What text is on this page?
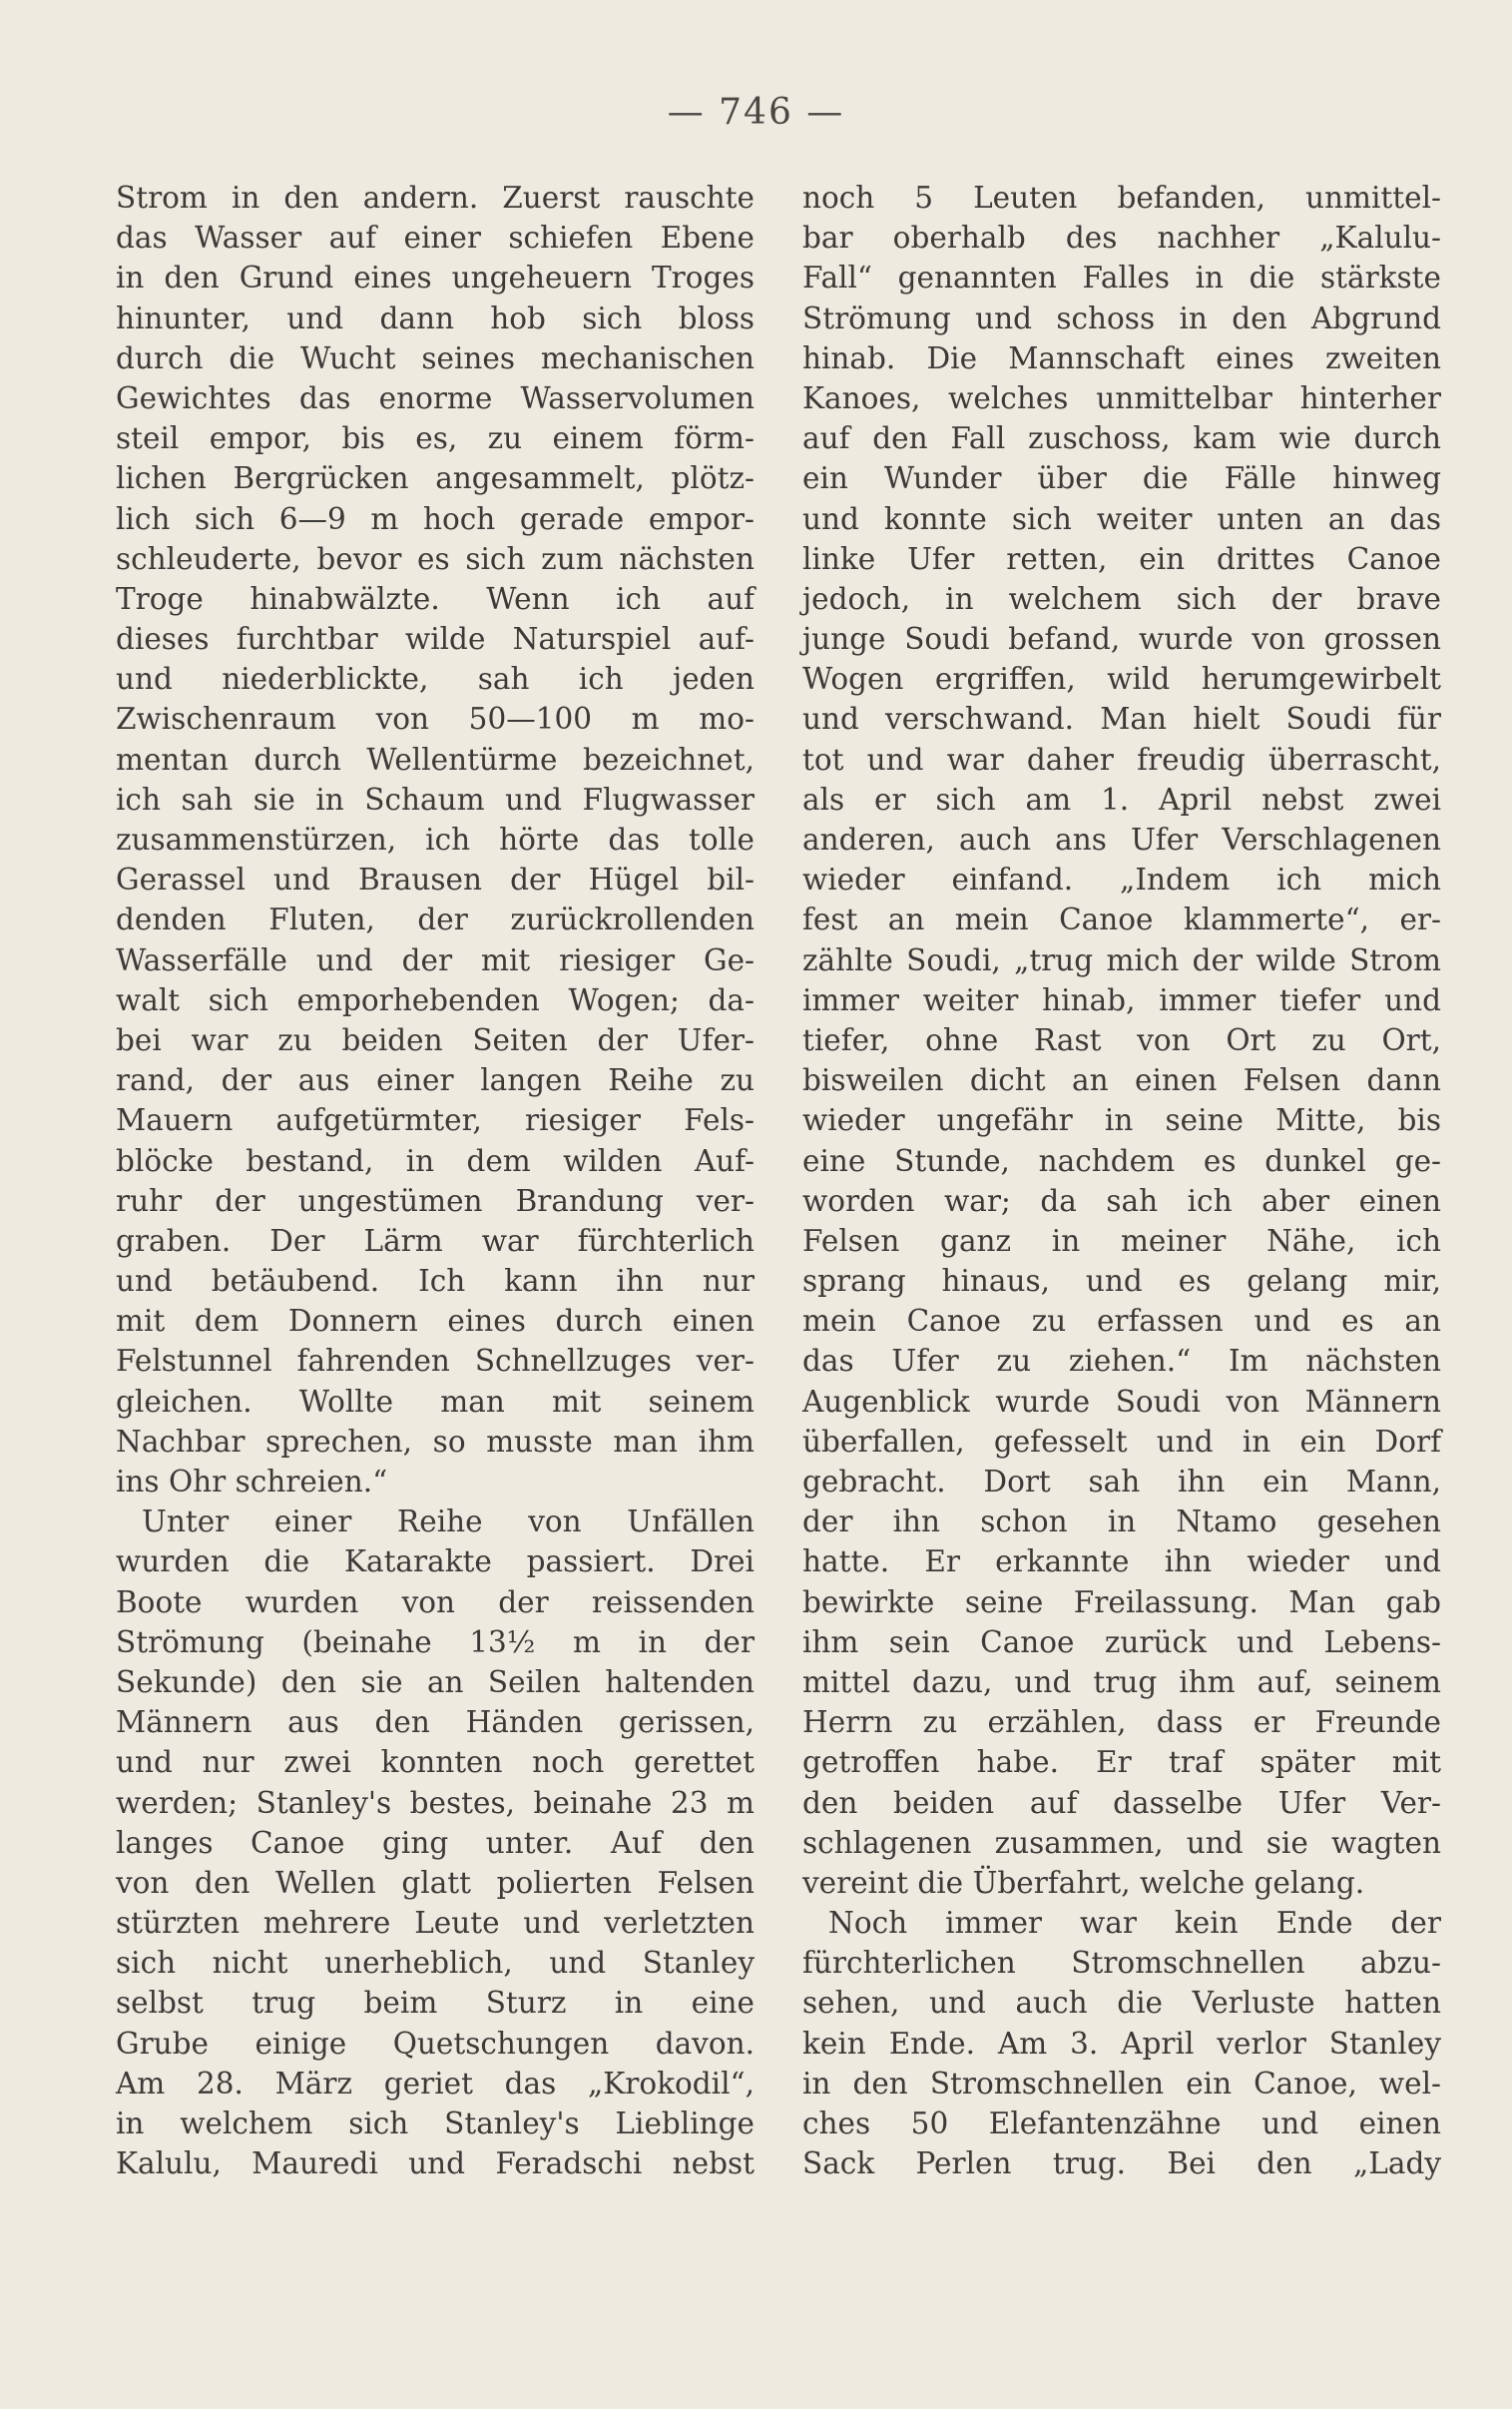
— 746 —
Strom in den andern. Zuerst rauschte
das Wasser auf einer schiefen Ebene
in den Grund eines ungeheuern Troges
hinunter, und dann hob sich bloss
durch die Wucht seines mechanischen
Gewichtes das enorme Wasservolumen
steil empor, bis es, zu einem förm-
lichen Bergrücken angesammelt, plötz-
lich sich 6—9 m hoch gerade empor-
schleuderte, bevor es sich zum nächsten
Troge hinabwälzte. Wenn ich auf
dieses furchtbar wilde Naturspiel auf-
und niederblickte, sah ich jeden
Zwischenraum von 50—100 m mo-
mentan durch Wellentürme bezeichnet,
ich sah sie in Schaum und Flugwasser
zusammenstürzen, ich hörte das tolle
Gerassel und Brausen der Hügel bil-
denden Fluten, der zurückrollenden
Wasserfälle und der mit riesiger Ge-
walt sich emporhebenden Wogen; da-
bei war zu beiden Seiten der Ufer-
rand, der aus einer langen Reihe zu
Mauern aufgetürmter, riesiger Fels-
blöcke bestand, in dem wilden Auf-
ruhr der ungestümen Brandung ver-
graben. Der Lärm war fürchterlich
und betäubend. Ich kann ihn nur
mit dem Donnern eines durch einen
Felstunnel fahrenden Schnellzuges ver-
gleichen. Wollte man mit seinem
Nachbar sprechen, so musste man ihm
ins Ohr schreien.“
Unter einer Reihe von Unfällen
wurden die Katarakte passiert. Drei
Boote wurden von der reissenden
Strömung (beinahe 13½ m in der
Sekunde) den sie an Seilen haltenden
Männern aus den Händen gerissen,
und nur zwei konnten noch gerettet
werden; Stanley's bestes, beinahe 23 m
langes Canoe ging unter. Auf den
von den Wellen glatt polierten Felsen
stürzten mehrere Leute und verletzten
sich nicht unerheblich, und Stanley
selbst trug beim Sturz in eine
Grube einige Quetschungen davon.
Am 28. März geriet das „Krokodil“,
in welchem sich Stanley's Lieblinge
Kalulu, Mauredi und Feradschi nebst
noch 5 Leuten befanden, unmittel-
bar oberhalb des nachher „Kalulu-
Fall“ genannten Falles in die stärkste
Strömung und schoss in den Abgrund
hinab. Die Mannschaft eines zweiten
Kanoes, welches unmittelbar hinterher
auf den Fall zuschoss, kam wie durch
ein Wunder über die Fälle hinweg
und konnte sich weiter unten an das
linke Ufer retten, ein drittes Canoe
jedoch, in welchem sich der brave
junge Soudi befand, wurde von grossen
Wogen ergriffen, wild herumgewirbelt
und verschwand. Man hielt Soudi für
tot und war daher freudig überrascht,
als er sich am 1. April nebst zwei
anderen, auch ans Ufer Verschlagenen
wieder einfand. „Indem ich mich
fest an mein Canoe klammerte“, er-
zählte Soudi, „trug mich der wilde Strom
immer weiter hinab, immer tiefer und
tiefer, ohne Rast von Ort zu Ort,
bisweilen dicht an einen Felsen dann
wieder ungefähr in seine Mitte, bis
eine Stunde, nachdem es dunkel ge-
worden war; da sah ich aber einen
Felsen ganz in meiner Nähe, ich
sprang hinaus, und es gelang mir,
mein Canoe zu erfassen und es an
das Ufer zu ziehen.“ Im nächsten
Augenblick wurde Soudi von Männern
überfallen, gefesselt und in ein Dorf
gebracht. Dort sah ihn ein Mann,
der ihn schon in Ntamo gesehen
hatte. Er erkannte ihn wieder und
bewirkte seine Freilassung. Man gab
ihm sein Canoe zurück und Lebens-
mittel dazu, und trug ihm auf, seinem
Herrn zu erzählen, dass er Freunde
getroffen habe. Er traf später mit
den beiden auf dasselbe Ufer Ver-
schlagenen zusammen, und sie wagten
vereint die Überfahrt, welche gelang.
Noch immer war kein Ende der
fürchterlichen Stromschnellen abzu-
sehen, und auch die Verluste hatten
kein Ende. Am 3. April verlor Stanley
in den Stromschnellen ein Canoe, wel-
ches 50 Elefantenzähne und einen
Sack Perlen trug. Bei den „Lady
